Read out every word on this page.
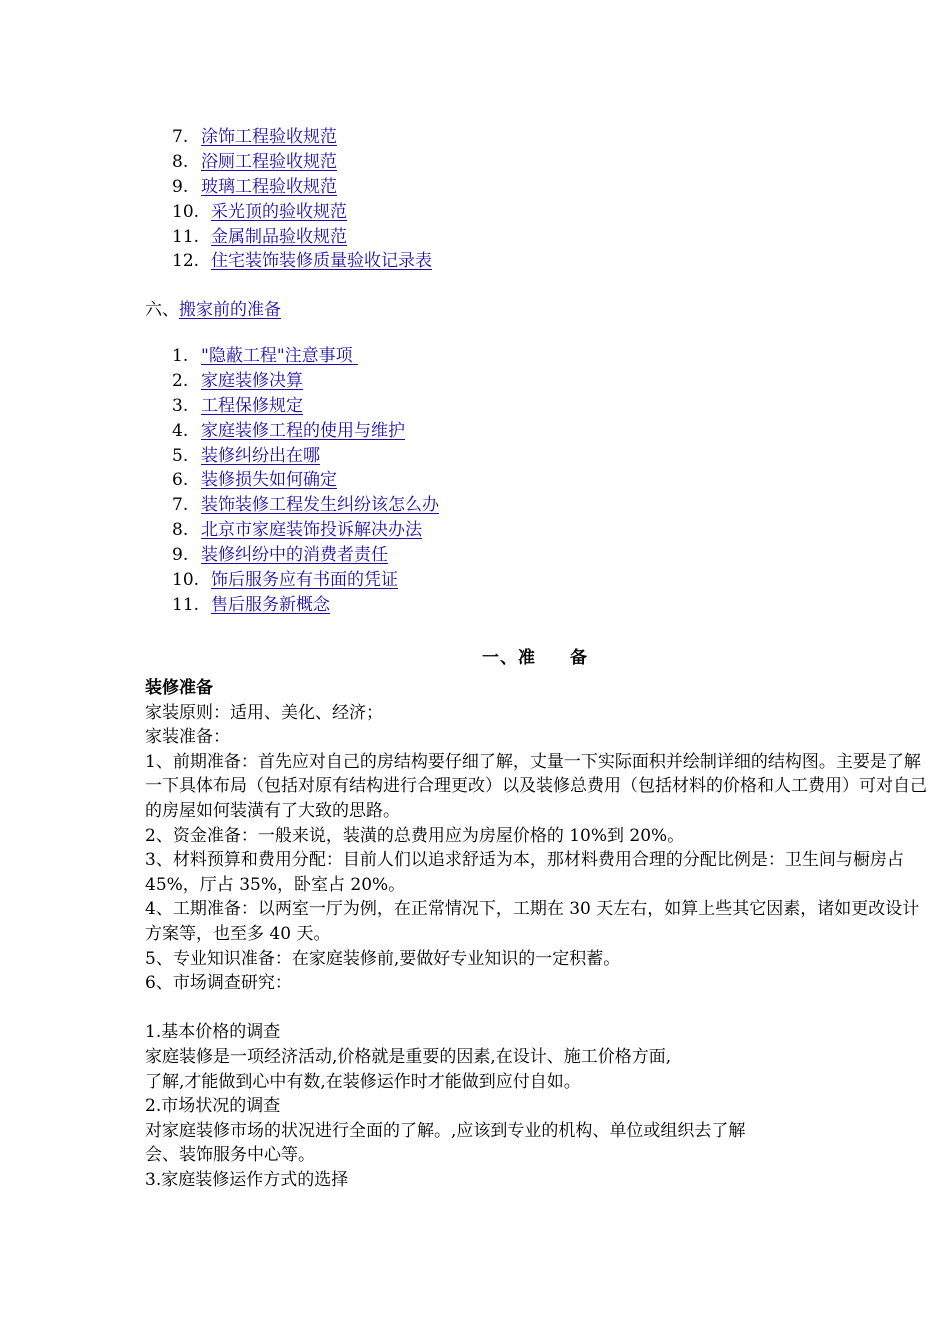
7. 涂饰工程验收规范
8. 浴厕工程验收规范
9. 玻璃工程验收规范
10. 采光顶的验收规范
11. 金属制品验收规范
12. 住宅装饰装修质量验收记录表
六、搬家前的准备
1. "隐蔽工程"注意事项
2. 家庭装修决算
3. 工程保修规定
4. 家庭装修工程的使用与维护
5. 装修纠纷出在哪
6. 装修损失如何确定
7. 装饰装修工程发生纠纷该怎么办
8. 北京市家庭装饰投诉解决办法
9. 装修纠纷中的消费者责任
10. 饰后服务应有书面的凭证
11. 售后服务新概念
一、准 备

装修准备

家装原则：适用、美化、经济；

家装准备：

1、前期准备：首先应对自己的房结构要仔细了解，丈量一下实际面积并绘制详细的结构图。主要是了解一下具体布局（包括对原有结构进行合理更改）以及装修总费用（包括材料的价格和人工费用）可对自己的房屋如何装潢有了大致的思路。

2、资金准备：一般来说，装潢的总费用应为房屋价格的 10%到 20%。

3、材料预算和费用分配：目前人们以追求舒适为本，那材料费用合理的分配比例是：卫生间与橱房占 45%，厅占 35%，卧室占 20%。

4、工期准备：以两室一厅为例，在正常情况下，工期在 30 天左右，如算上些其它因素，诸如更改设计方案等，也至多 40 天。

5、专业知识准备：在家庭装修前,要做好专业知识的一定积蓄。

6、市场调查研究：

1.基本价格的调查

家庭装修是一项经济活动,价格就是重要的因素,在设计、施工价格方面,

了解,才能做到心中有数,在装修运作时才能做到应付自如。

2.市场状况的调查

对家庭装修市场的状况进行全面的了解。,应该到专业的机构、单位或组织去了解

会、装饰服务中心等。

3.家庭装修运作方式的选择
